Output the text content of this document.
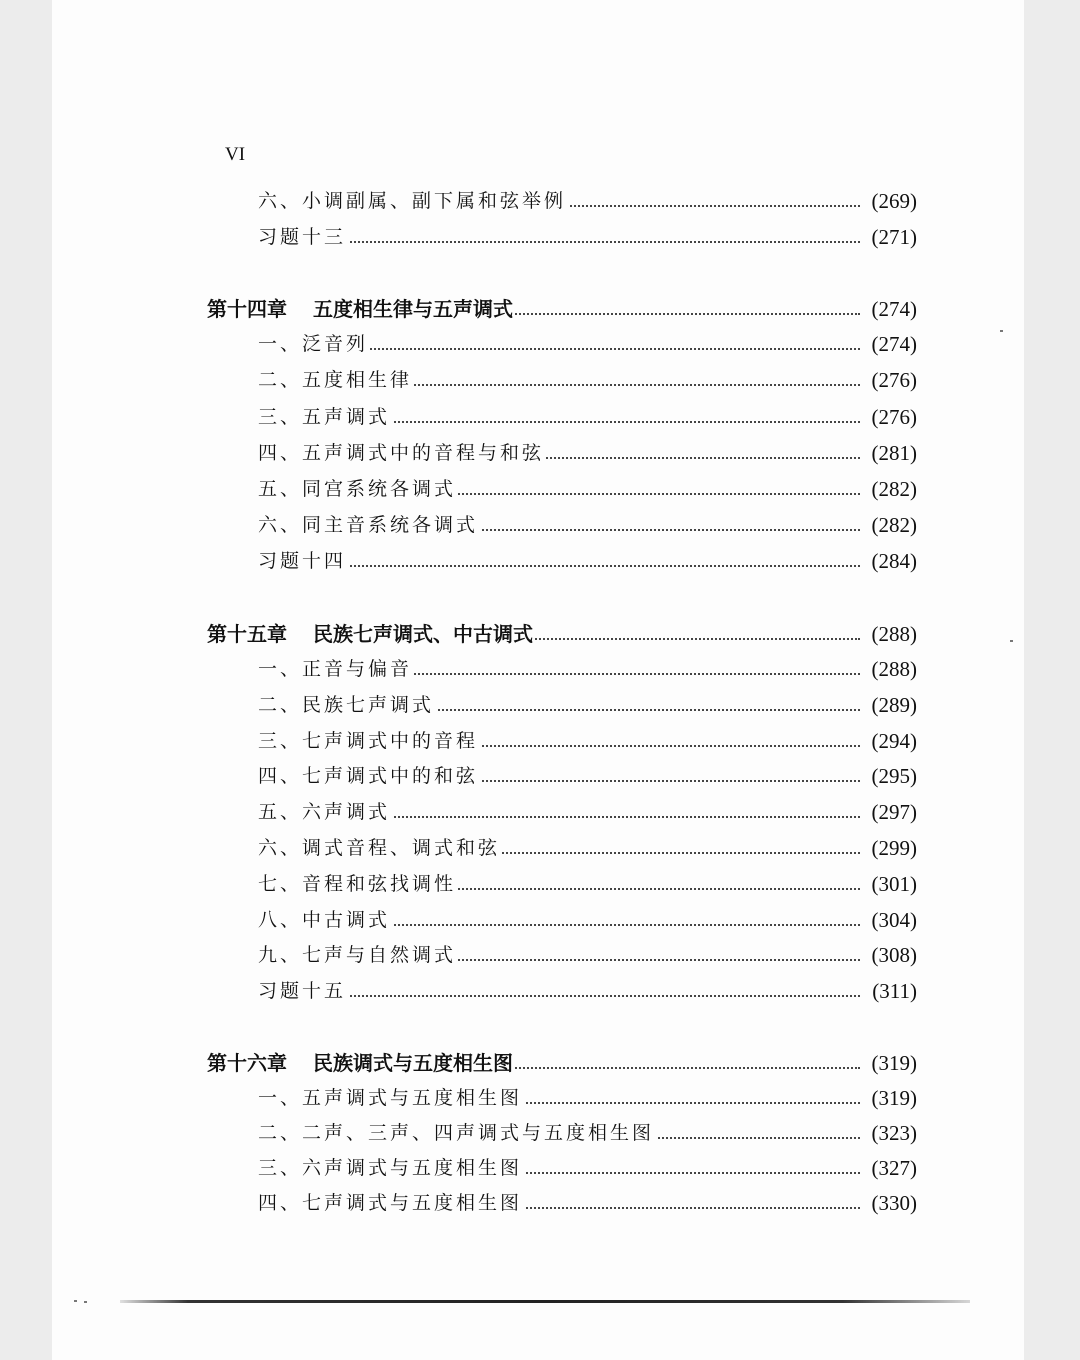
VI
六、小调副属、副下属和弦举例	(269)
习题十三	(271)
第十四章 五度相生律与五声调式	(274)
一、泛音列	(274)
二、五度相生律	(276)
三、五声调式	(276)
四、五声调式中的音程与和弦	(281)
五、同宫系统各调式	(282)
六、同主音系统各调式	(282)
习题十四	(284)
第十五章 民族七声调式、中古调式	(288)
一、正音与偏音	(288)
二、民族七声调式	(289)
三、七声调式中的音程	(294)
四、七声调式中的和弦	(295)
五、六声调式	(297)
六、调式音程、调式和弦	(299)
七、音程和弦找调性	(301)
八、中古调式	(304)
九、七声与自然调式	(308)
习题十五	(311)
第十六章 民族调式与五度相生图	(319)
一、五声调式与五度相生图	(319)
二、二声、三声、四声调式与五度相生图	(323)
三、六声调式与五度相生图	(327)
四、七声调式与五度相生图	(330)
